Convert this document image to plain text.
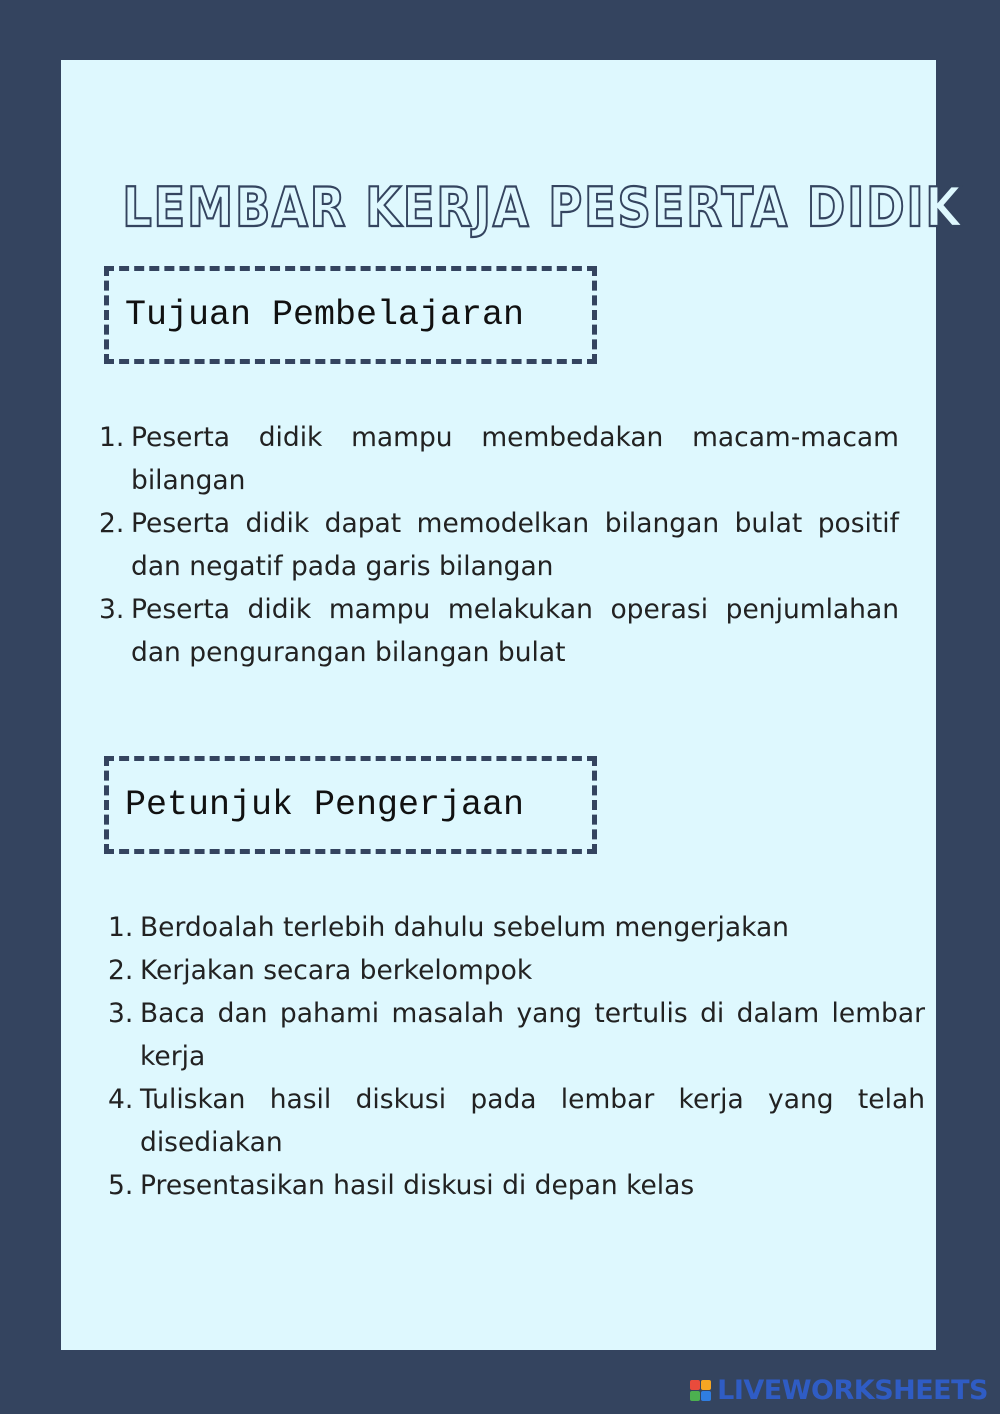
LEMBAR KERJA PESERTA DIDIK
Tujuan Pembelajaran
1. Peserta didik mampu membedakan macam-macam bilangan
2. Peserta didik dapat memodelkan bilangan bulat positif dan negatif pada garis bilangan
3. Peserta didik mampu melakukan operasi penjumlahan dan pengurangan bilangan bulat
Petunjuk Pengerjaan
1. Berdoalah terlebih dahulu sebelum mengerjakan
2. Kerjakan secara berkelompok
3. Baca dan pahami masalah yang tertulis di dalam lembar kerja
4. Tuliskan hasil diskusi pada lembar kerja yang telah disediakan
5. Presentasikan hasil diskusi di depan kelas
LIVEWORKSHEETS
